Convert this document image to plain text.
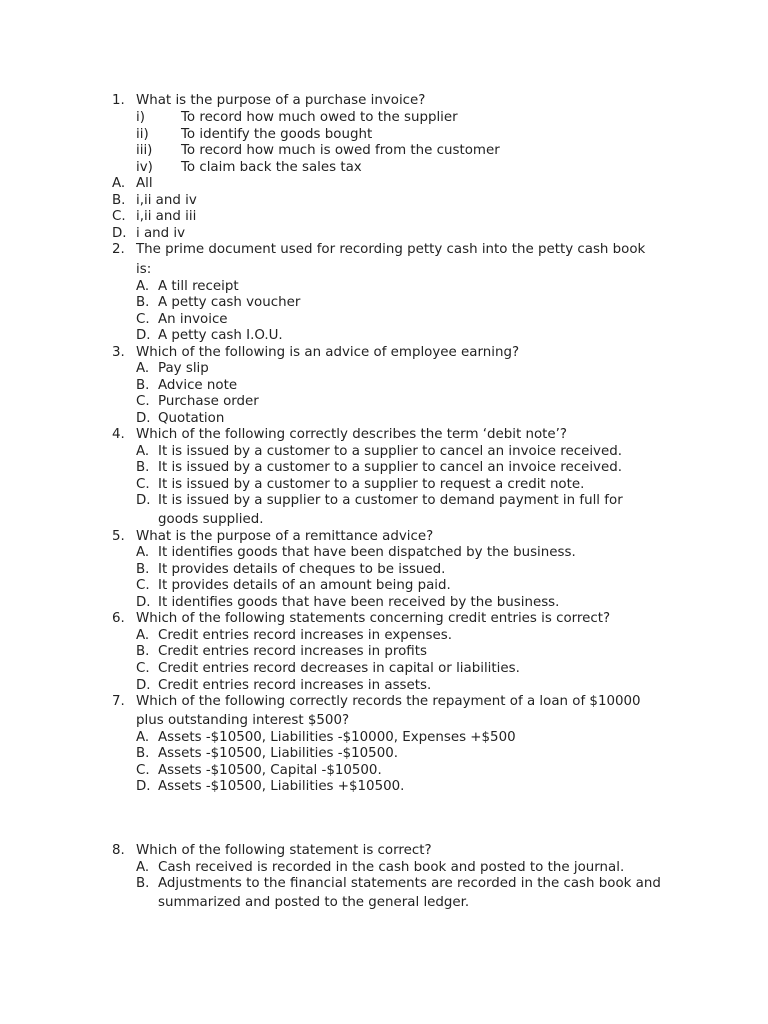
1. What is the purpose of a purchase invoice?
i)	To record how much owed to the supplier
ii) To identify the goods bought
iii) To record how much is owed from the customer
iv) To claim back the sales tax
A. All
B. i,ii and iv
C. i,ii and iii
D. i and iv
2. The prime document used for recording petty cash into the petty cash book
is:
A. A till receipt
B. A petty cash voucher
C. An invoice
D. A petty cash I.O.U.
3. Which of the following is an advice of employee earning?
A. Pay slip
B. Advice note
C. Purchase order
D. Quotation
4. Which of the following correctly describes the term ‘debit note’?
A. It is issued by a customer to a supplier to cancel an invoice received.
B. It is issued by a customer to a supplier to cancel an invoice received.
C. It is issued by a customer to a supplier to request a credit note.
D. It is issued by a supplier to a customer to demand payment in full for
goods supplied.
5. What is the purpose of a remittance advice?
A. It identifies goods that have been dispatched by the business.
B. It provides details of cheques to be issued.
C. It provides details of an amount being paid.
D. It identifies goods that have been received by the business.
6. Which of the following statements concerning credit entries is correct?
A. Credit entries record increases in expenses.
B. Credit entries record increases in profits
C. Credit entries record decreases in capital or liabilities.
D. Credit entries record increases in assets.
7. Which of the following correctly records the repayment of a loan of $10000
plus outstanding interest $500?
A. Assets -$10500, Liabilities -$10000, Expenses +$500
B. Assets -$10500, Liabilities -$10500.
C. Assets -$10500, Capital -$10500.
D. Assets -$10500, Liabilities +$10500.
8. Which of the following statement is correct?
A. Cash received is recorded in the cash book and posted to the journal.
B. Adjustments to the financial statements are recorded in the cash book and
summarized and posted to the general ledger.
